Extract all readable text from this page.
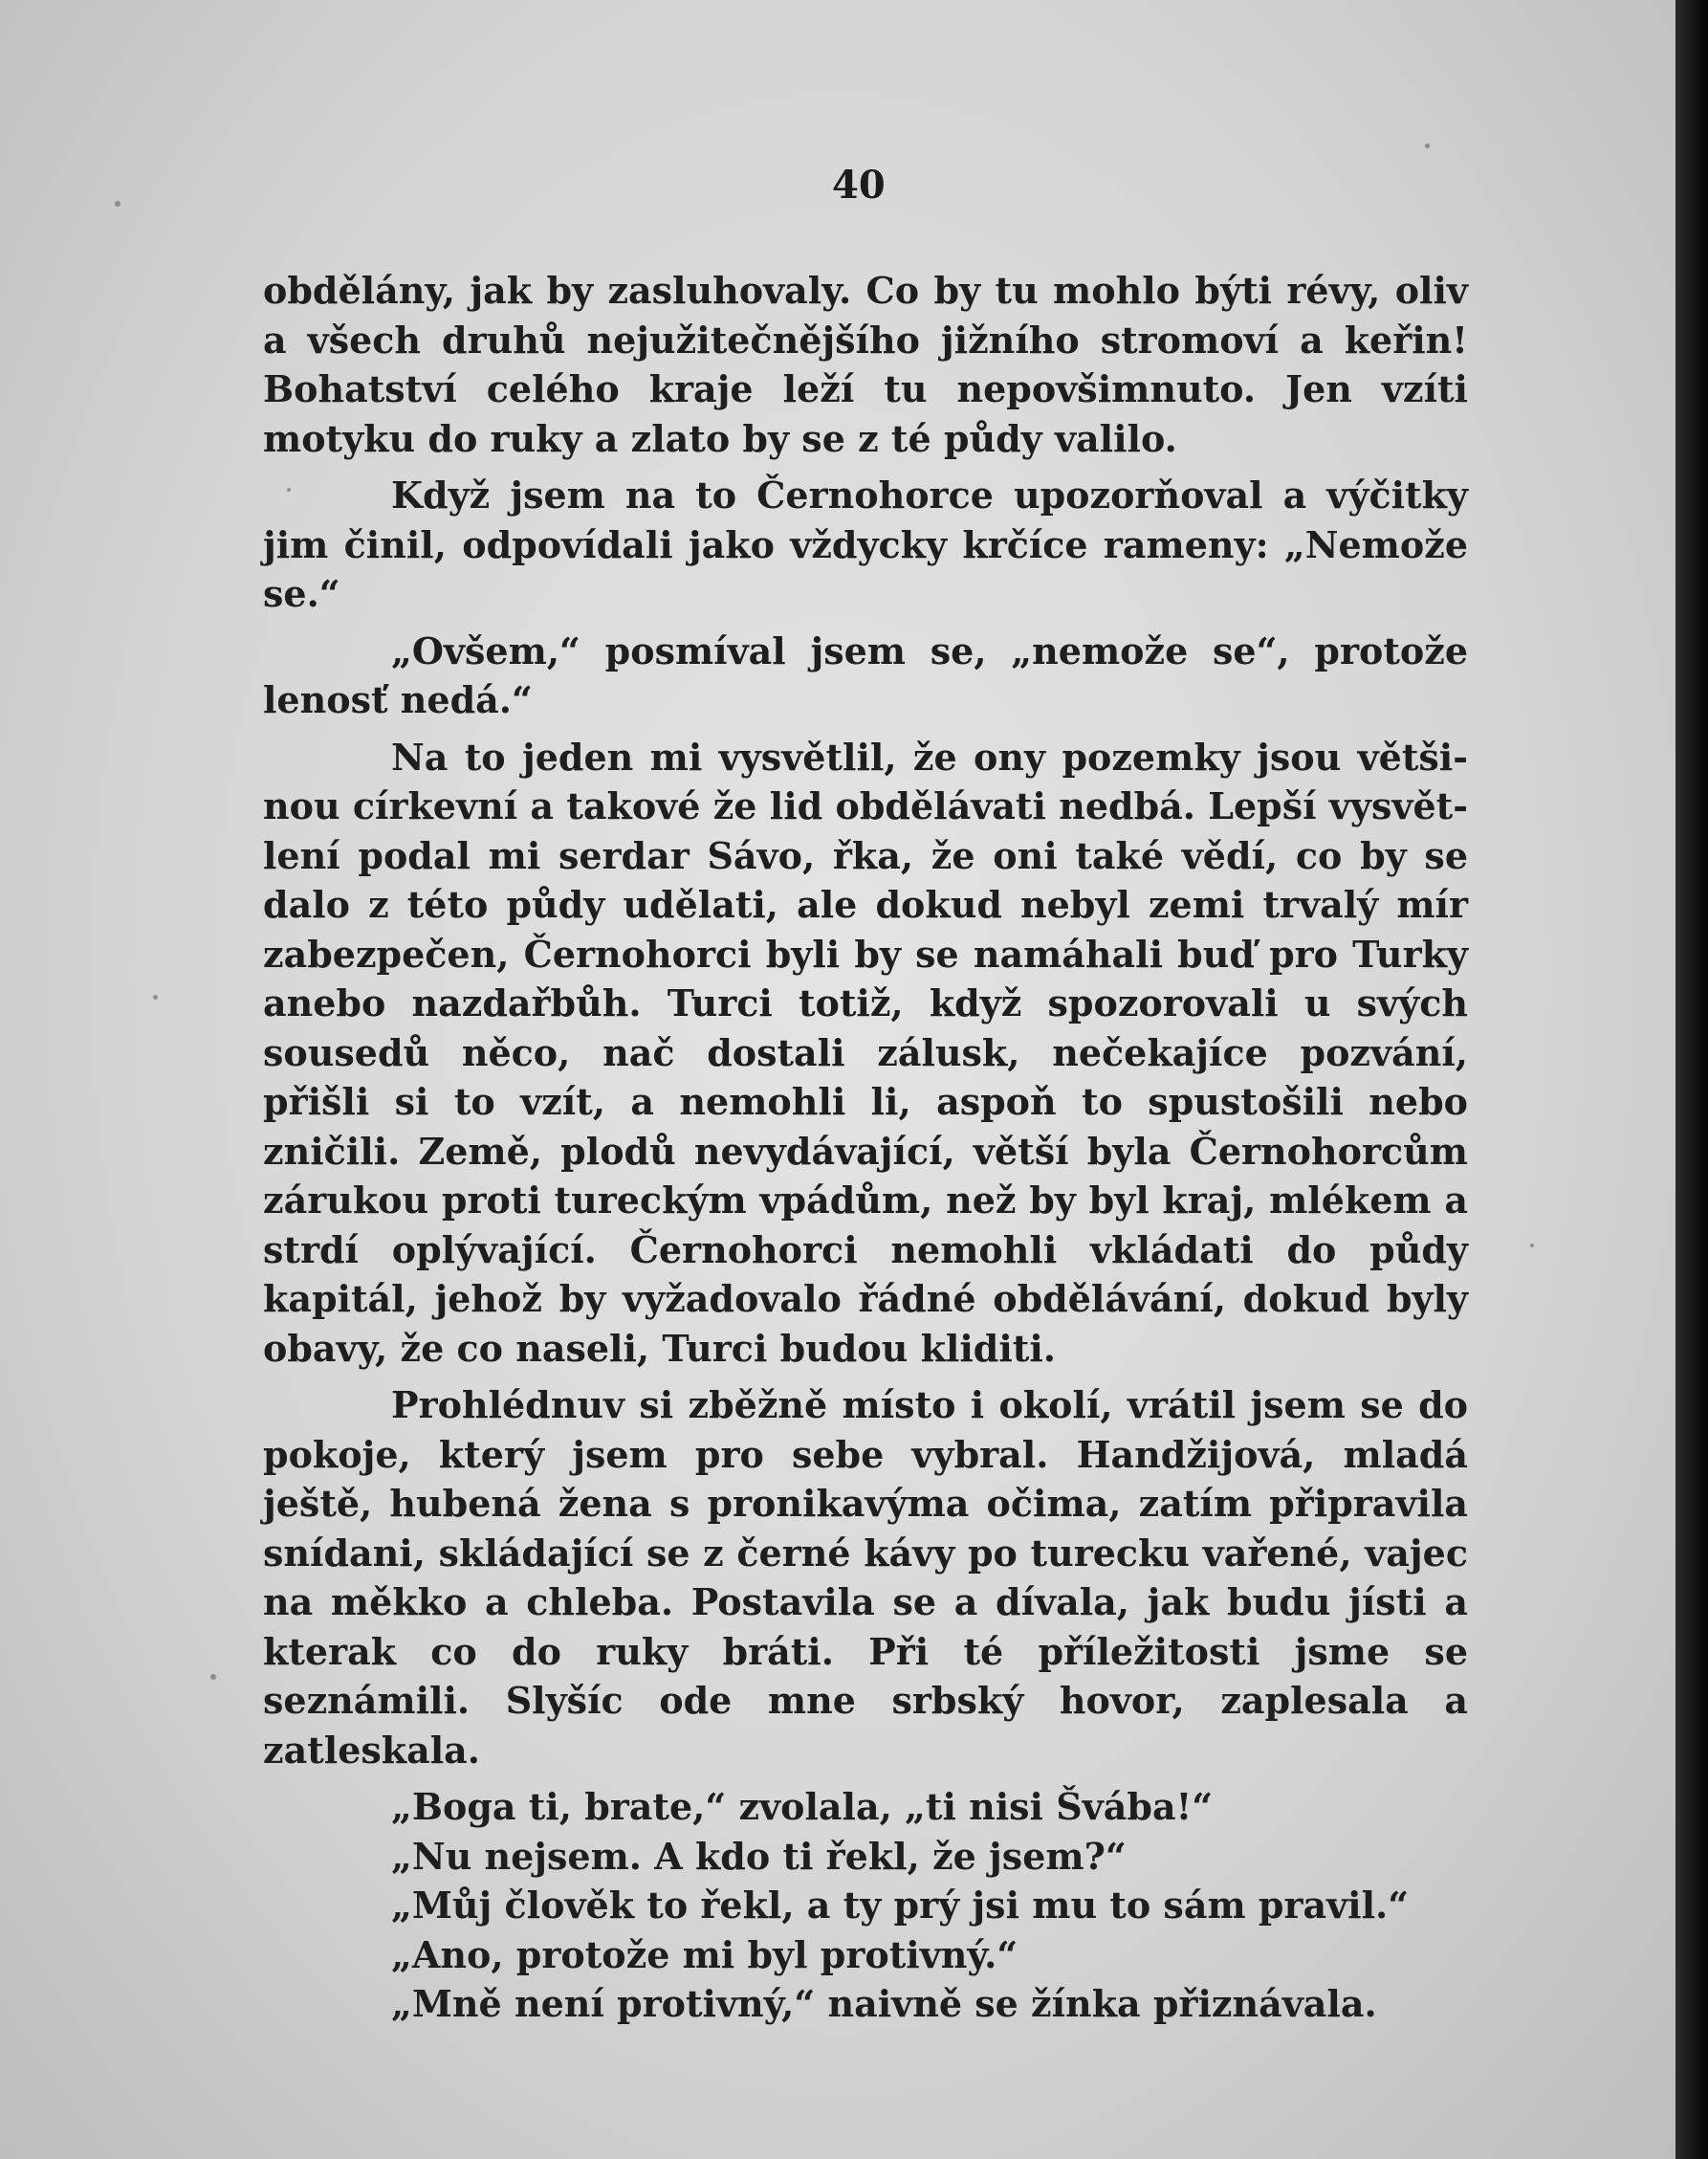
40

obdělány, jak by zasluhovaly. Co by tu mohlo býti révy, oliv a všech druhů nejužitečnějšího jižního stromoví a keřin! Bohatství celého kraje leží tu nepovšimnuto. Jen vzíti motyku do ruky a zlato by se z té půdy valilo.

Když jsem na to Černohorce upozorňoval a výčitky jim činil, odpovídali jako vždycky krčíce rameny: „Nemože se.“

„Ovšem,“ posmíval jsem se, „nemože se“, protože lenosť nedá.“

Na to jeden mi vysvětlil, že ony pozemky jsou většinou církevní a takové že lid obdělávati nedbá. Lepší vysvětlení podal mi serdar Sávo, řka, že oni také vědí, co by se dalo z této půdy udělati, ale dokud nebyl zemi trvalý mír zabezpečen, Černohorci byli by se namáhali buď pro Turky anebo nazdařbůh. Turci totiž, když spozorovali u svých sousedů něco, nač dostali zálusk, nečekajíce pozvání, přišli si to vzít, a nemohli li, aspoň to spustošili nebo zničili. Země, plodů nevydávající, větší byla Černohorcům zárukou proti tureckým vpádům, než by byl kraj, mlékem a strdí oplývající. Černohorci nemohli vkládati do půdy kapitál, jehož by vyžadovalo řádné obdělávání, dokud byly obavy, že co naseli, Turci budou kliditi.

Prohlédnuv si zběžně místo i okolí, vrátil jsem se do pokoje, který jsem pro sebe vybral. Handžijová, mladá ještě, hubená žena s pronikavýma očima, zatím připravila snídani, skládající se z černé kávy po turecku vařené, vajec na měkko a chleba. Postavila se a dívala, jak budu jísti a kterak co do ruky bráti. Při té příležitosti jsme se seznámili. Slyšíc ode mne srbský hovor, zaplesala a zatleskala.

„Boga ti, brate,“ zvolala, „ti nisi Švába!“

„Nu nejsem. A kdo ti řekl, že jsem?“

„Můj člověk to řekl, a ty prý jsi mu to sám pravil.“

„Ano, protože mi byl protivný.“

„Mně není protivný,“ naivně se žínka přiznávala.
